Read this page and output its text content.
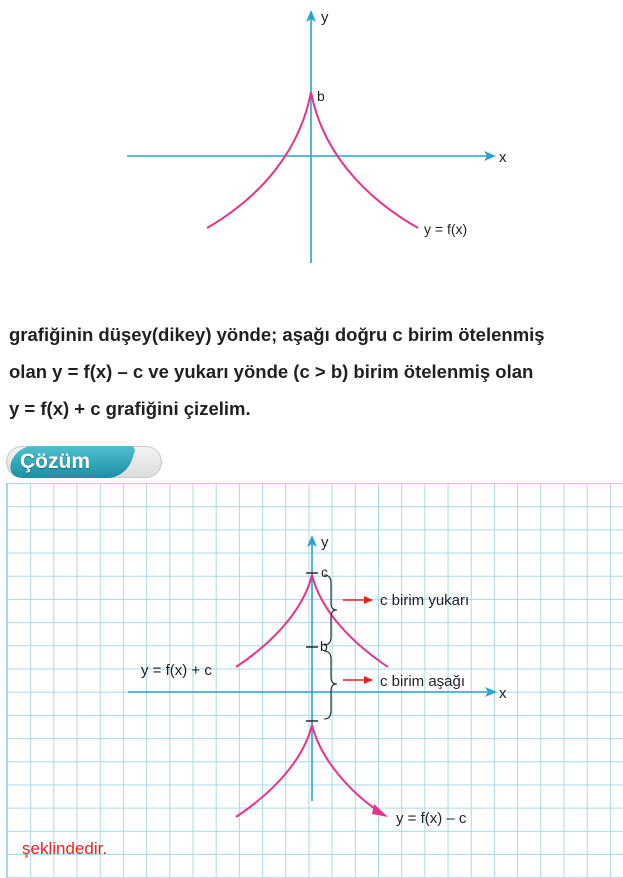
x
y
b
y = f(x)

grafiğinin düşey(dikey) yönde; aşağı doğru c birim ötelenmiş

olan y = f(x) – c ve yukarı yönde (c > b) birim ötelenmiş olan

y = f(x) + c grafiğini çizelim.

Çözüm
y
x
c
b
y = f(x) + c
y = f(x) – c
c birim yukarı
c birim aşağı
şeklindedir.
